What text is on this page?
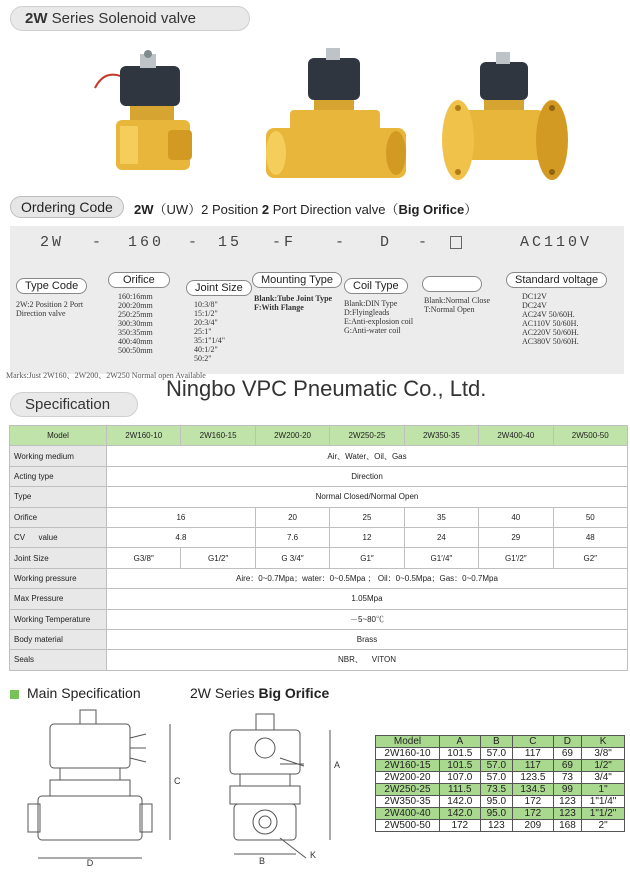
2W Series Solenoid valve
Ordering Code	2W（UW）2 Position 2 Port Direction valve（Big Orifice）
2W - 160 - 15 -F	- D -	AC110V
Type Code
2W:2 Position 2 Port
Direction valve
Orifice
160:16mm
200:20mm
250:25mm
300:30mm
350:35mm
400:40mm
500:50mm
Joint Size
10:3/8"
15:1/2"
20:3/4"
25:1"
35:1"1/4"
40:1/2"
50:2"
Mounting Type
Blank:Tube Joint Type
F:With Flange
Coil Type
Blank:DIN Type
D:Flyingleads
E:Anti-explosion coil
G:Anti-water coil
Blank:Normal Close
T:Normal Open
Standard voltage
DC12V
DC24V
AC24V 50/60H.
AC110V 50/60H.
AC220V 50/60H.
AC380V 50/60H.
Marks:Just 2W160、2W200、2W250 Normal open Available
Ningbo VPC Pneumatic Co., Ltd.
Specification
Model	2W160-10	2W160-15	2W200-20	2W250-25	2W350-35	2W400-40	2W500-50
Working medium	Air、Water、Oil、Gas						
Acting type	Direction						
Type	Normal Closed/Normal Open						
Orifice	16		20	25	35	40	50
CV      value	4.8		7.6	12	24	29	48
Joint Size	G3/8″	G1/2″	G 3/4″	G1″	G1′/4″	G1′/2″	G2″
Working pressure	Aire：0~0.7Mpa；water：0~0.5Mpa ； Oil：0~0.5Mpa；Gas：0~0.7Mpa						
Max Pressure	1.05Mpa						
Working Temperature	－5~80℃						
Body material	Brass						
Seals	NBR、    VITON						
Main Specification	2W Series Big Orifice
D
C
B
A
K
Model	A	B	C	D	K
2W160-10	101.5	57.0	117	69	3/8"
2W160-15	101.5	57.0	117	69	1/2"
2W200-20	107.0	57.0	123.5	73	3/4"
2W250-25	111.5	73.5	134.5	99	1"
2W350-35	142.0	95.0	172	123	1"1/4"
2W400-40	142.0	95.0	172	123	1"1/2"
2W500-50	172	123	209	168	2"
